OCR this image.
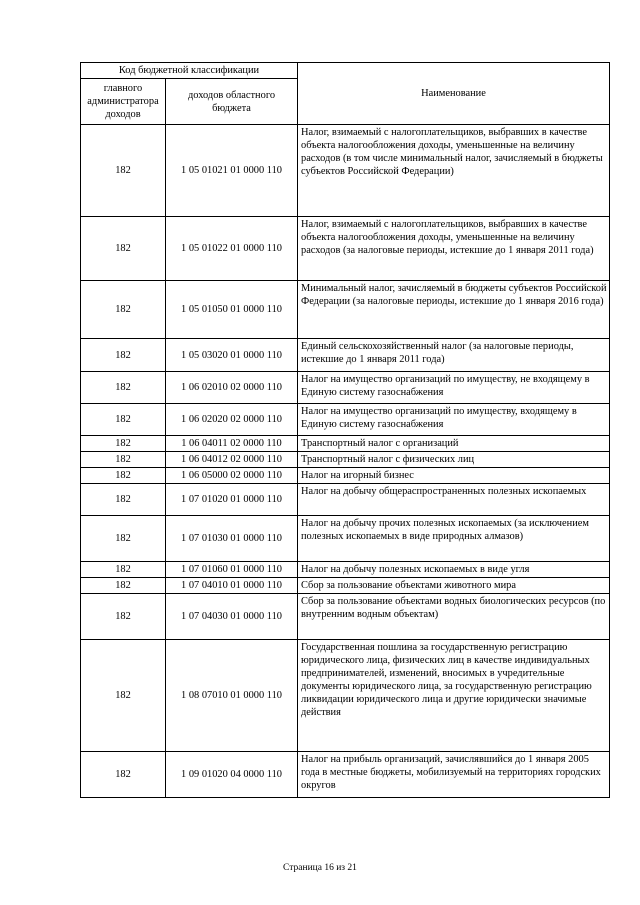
Код бюджетной классификации		Наименование
главного администратора доходов	доходов областного бюджета	
182	1 05 01021 01 0000 110	Налог, взимаемый с налогоплательщиков, выбравших в качестве объекта налогообложения доходы, уменьшенные на величину расходов (в том числе минимальный налог, зачисляемый в бюджеты субъектов Российской Федерации)
182	1 05 01022 01 0000 110	Налог, взимаемый с налогоплательщиков, выбравших в качестве объекта налогообложения доходы, уменьшенные на величину расходов (за налоговые периоды, истекшие до 1 января 2011 года)
182	1 05 01050 01 0000 110	Минимальный налог, зачисляемый в бюджеты субъектов Российской Федерации (за налоговые периоды, истекшие до 1 января 2016 года)
182	1 05 03020 01 0000 110	Единый сельскохозяйственный налог (за налоговые периоды, истекшие до 1 января 2011 года)
182	1 06 02010 02 0000 110	Налог на имущество организаций по имуществу, не входящему в Единую систему газоснабжения
182	1 06 02020 02 0000 110	Налог на имущество организаций по имуществу, входящему в Единую систему газоснабжения
182	1 06 04011 02 0000 110	Транспортный налог с организаций
182	1 06 04012 02 0000 110	Транспортный налог с физических лиц
182	1 06 05000 02 0000 110	Налог на игорный бизнес
182	1 07 01020 01 0000 110	Налог на добычу общераспространенных полезных ископаемых
182	1 07 01030 01 0000 110	Налог на добычу прочих полезных ископаемых (за исключением полезных ископаемых в виде природных алмазов)
182	1 07 01060 01 0000 110	Налог на добычу полезных ископаемых в виде угля
182	1 07 04010 01 0000 110	Сбор за пользование объектами животного мира
182	1 07 04030 01 0000 110	Сбор за пользование объектами водных биологических ресурсов (по внутренним водным объектам)
182	1 08 07010 01 0000 110	Государственная пошлина за государственную регистрацию юридического лица, физических лиц в качестве индивидуальных предпринимателей, изменений, вносимых в учредительные документы юридического лица, за государственную регистрацию ликвидации юридического лица и другие юридически значимые действия
182	1 09 01020 04 0000 110	Налог на прибыль организаций, зачислявшийся до 1 января 2005 года в местные бюджеты, мобилизуемый на территориях городских округов
Страница 16 из 21
